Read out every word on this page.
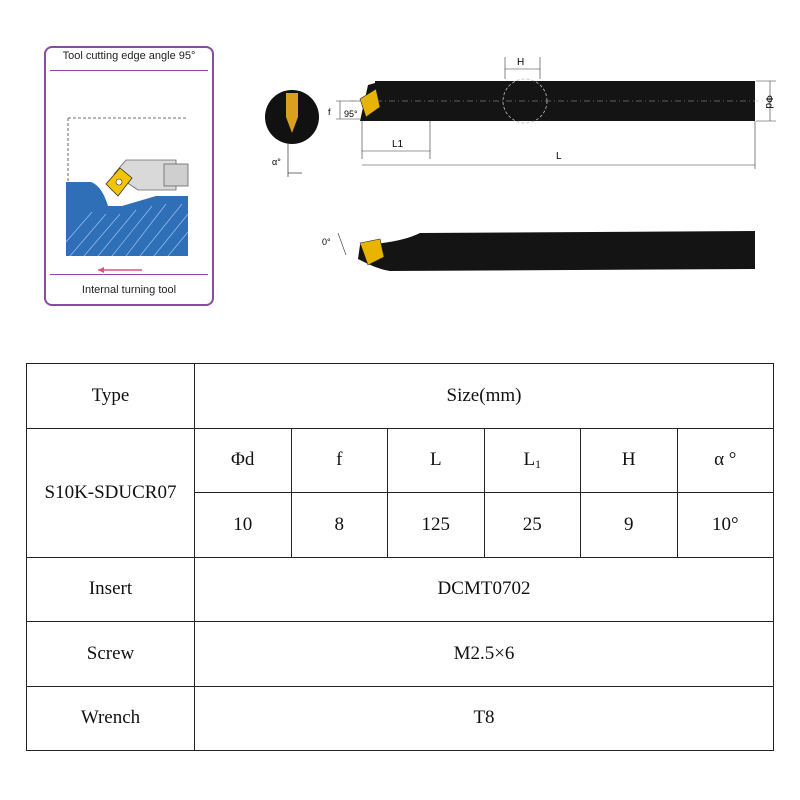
Tool cutting edge angle 95°
Internal turning tool
α°
H
Φd
f 95°
L1
L
0°
Type	Size(mm)					
S10K-SDUCR07	Φd	f	L	$L_1$	H	α °
	10	8	125	25	9	10°
Insert	DCMT0702					
Screw	M2.5×6					
Wrench	T8					
